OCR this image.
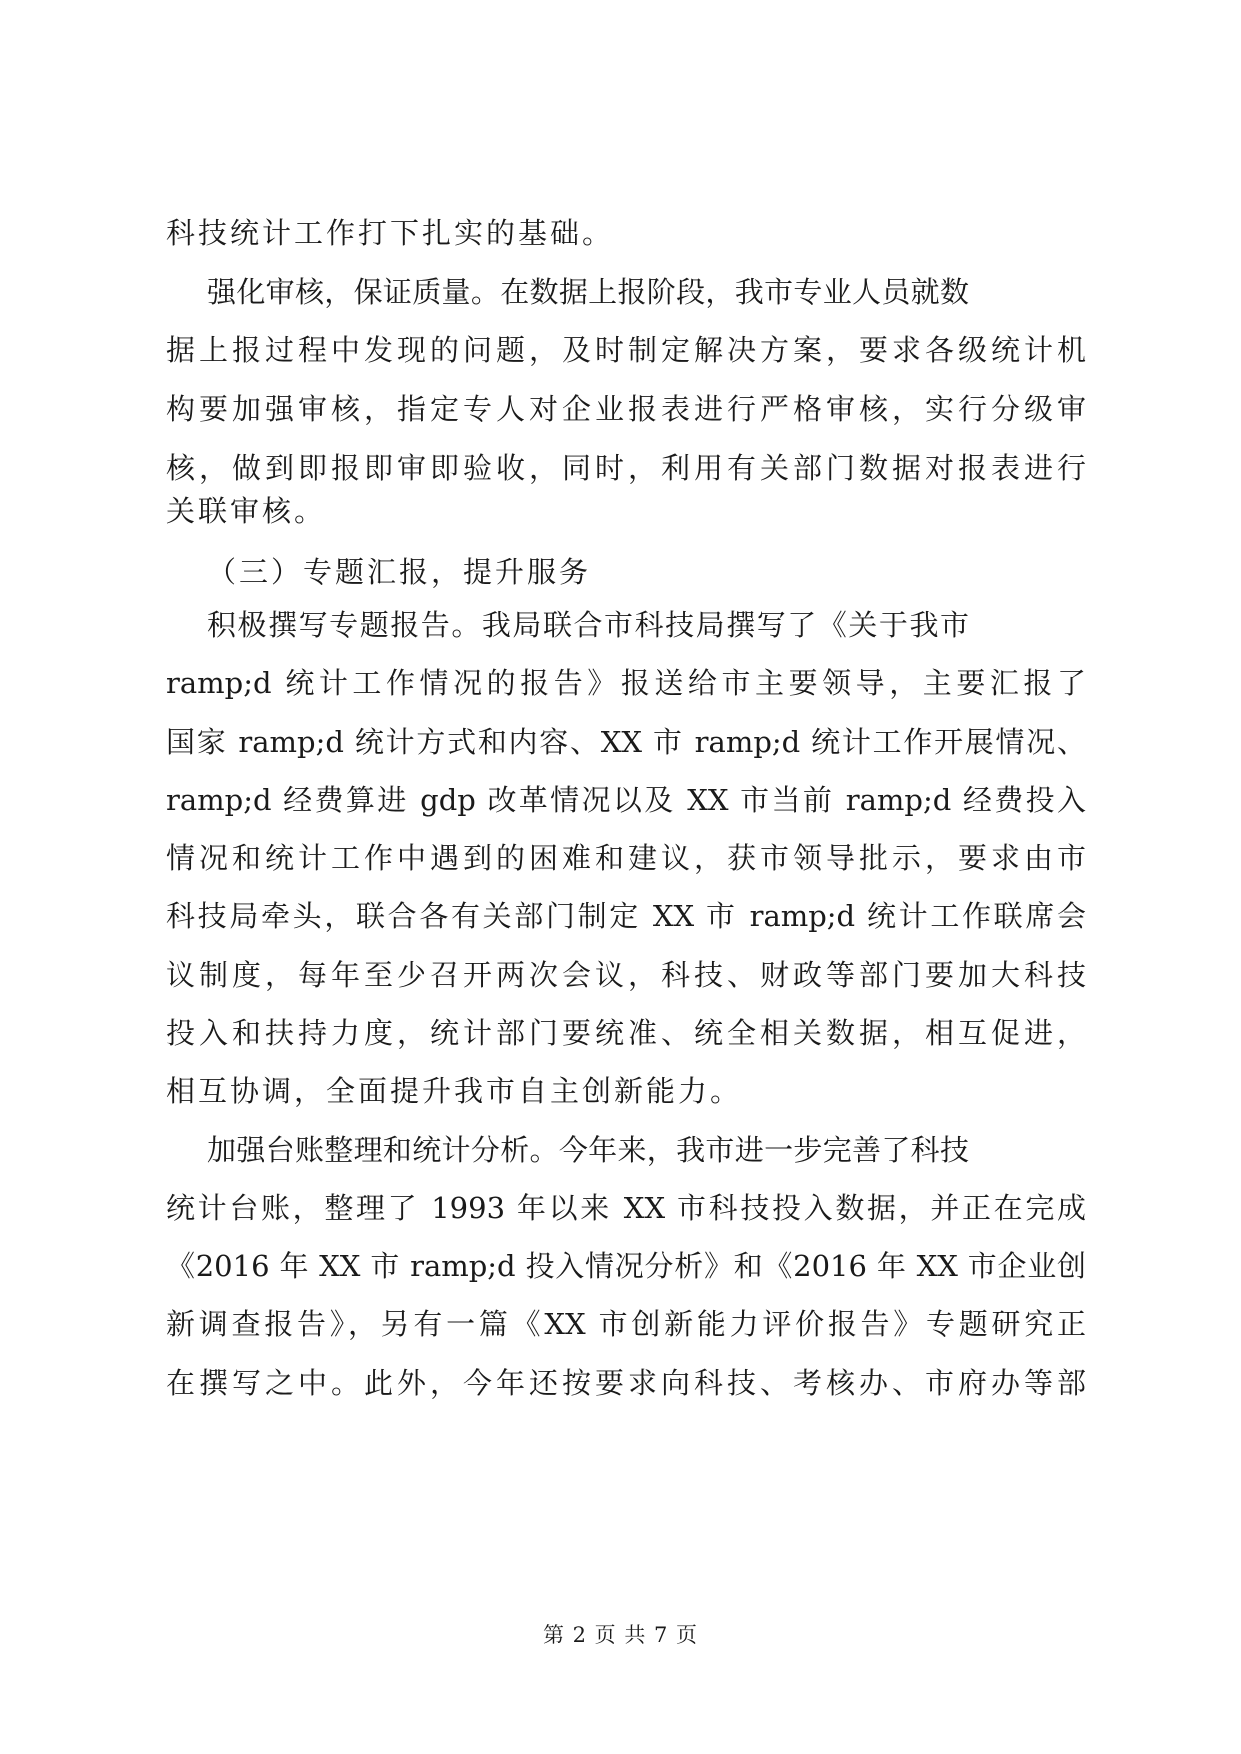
科技统计工作打下扎实的基础。
强化审核，保证质量。在数据上报阶段，我市专业人员就数
据上报过程中发现的问题，及时制定解决方案，要求各级统计机
构要加强审核，指定专人对企业报表进行严格审核，实行分级审
核，做到即报即审即验收，同时，利用有关部门数据对报表进行
关联审核。
（三）专题汇报，提升服务
积极撰写专题报告。我局联合市科技局撰写了《关于我市
ramp;d 统计工作情况的报告》报送给市主要领导，主要汇报了
国家 ramp;d 统计方式和内容、XX 市 ramp;d 统计工作开展情况、
ramp;d 经费算进 gdp 改革情况以及 XX 市当前 ramp;d 经费投入
情况和统计工作中遇到的困难和建议，获市领导批示，要求由市
科技局牵头，联合各有关部门制定 XX 市 ramp;d 统计工作联席会
议制度，每年至少召开两次会议，科技、财政等部门要加大科技
投入和扶持力度，统计部门要统准、统全相关数据，相互促进，
相互协调，全面提升我市自主创新能力。
加强台账整理和统计分析。今年来，我市进一步完善了科技
统计台账，整理了 1993 年以来 XX 市科技投入数据，并正在完成
《2016 年 XX 市 ramp;d 投入情况分析》和《2016 年 XX 市企业创
新调查报告》，另有一篇《XX 市创新能力评价报告》专题研究正
在撰写之中。此外，今年还按要求向科技、考核办、市府办等部
第 2 页 共 7 页
